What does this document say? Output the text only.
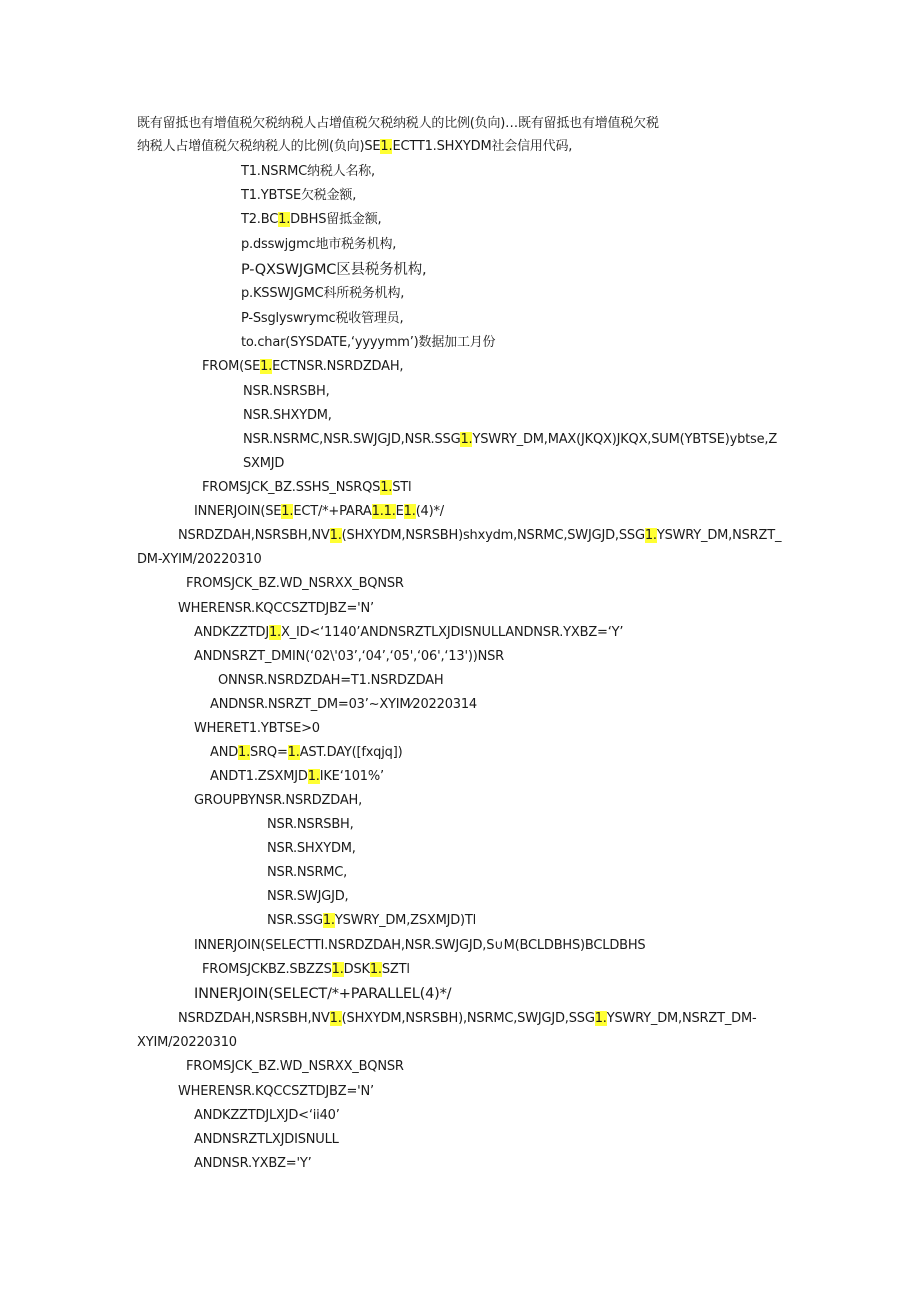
既有留抵也有增值税欠税纳税人占增值税欠税纳税人的比例(负向)…既有留抵也有增值税欠税
纳税人占增值税欠税纳税人的比例(负向)SE1.ECTT1.SHXYDM社会信用代码,
T1.NSRMC纳税人名称,
T1.YBTSE欠税金额,
T2.BC1.DBHS留抵金额,
p.dsswjgmc地市税务机构,
P-QXSWJGMC区县税务机构,
p.KSSWJGMC科所税务机构,
P-Ssglyswrymc税收管理员,
to.char(SYSDATE,‘yyyymm’)数据加工月份
FROM(SE1.ECTNSR.NSRDZDAH,
NSR.NSRSBH,
NSR.SHXYDM,
NSR.NSRMC,NSR.SWJGJD,NSR.SSG1.YSWRY_DM,MAX(JKQX)JKQX,SUM(YBTSE)ybtse,Z
SXMJD
FROMSJCK_BZ.SSHS_NSRQS1.STl
INNERJOIN(SE1.ECT/*+PARA1.1.E1.(4)*/
NSRDZDAH,NSRSBH,NV1.(SHXYDM,NSRSBH)shxydm,NSRMC,SWJGJD,SSG1.YSWRY_DM,NSRZT_
DM-XYIM/20220310
FROMSJCK_BZ.WD_NSRXX_BQNSR
WHERENSR.KQCCSZTDJBZ='N’
ANDKZZTDJ1.X_ID<‘1140’ANDNSRZTLXJDISNULLANDNSR.YXBZ=‘Y’
ANDNSRZT_DMIN(‘02\'03’,‘04’,‘05',‘06',‘13'))NSR
ONNSR.NSRDZDAH=T1.NSRDZDAH
ANDNSR.NSRZT_DM=03’~XYIM⁄20220314
WHERET1.YBTSE>0
AND1.SRQ=1.AST.DAY([fxqjq])
ANDT1.ZSXMJD1.IKE‘101%’
GROUPBYNSR.NSRDZDAH,
NSR.NSRSBH,
NSR.SHXYDM,
NSR.NSRMC,
NSR.SWJGJD,
NSR.SSG1.YSWRY_DM,ZSXMJD)Tl
INNERJOIN(SELECTTI.NSRDZDAH,NSR.SWJGJD,S∪M(BCLDBHS)BCLDBHS
FROMSJCKBZ.SBZZS1.DSK1.SZTl
INNERJOIN(SELECT/*+PARALLEL(4)*/
NSRDZDAH,NSRSBH,NV1.(SHXYDM,NSRSBH),NSRMC,SWJGJD,SSG1.YSWRY_DM,NSRZT_DM-
XYIM/20220310
FROMSJCK_BZ.WD_NSRXX_BQNSR
WHERENSR.KQCCSZTDJBZ='N’
ANDKZZTDJLXJD<‘ii40’
ANDNSRZTLXJDISNULL
ANDNSR.YXBZ='Y’
